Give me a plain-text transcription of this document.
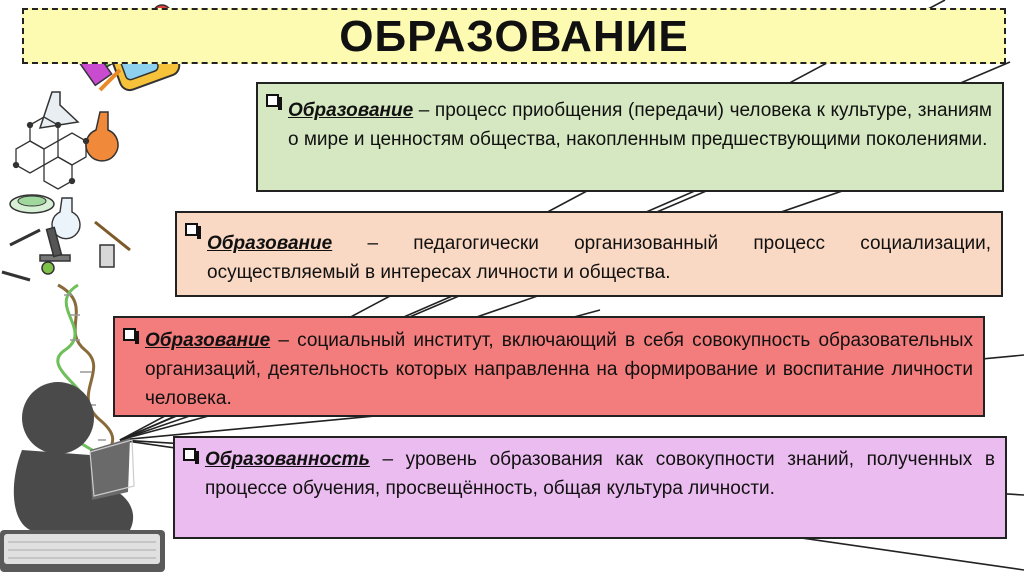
ОБРАЗОВАНИЕ
Образование – процесс приобщения (передачи) человека к культуре, знаниям о мире и ценностям общества, накопленным предшествующими поколениями.
Образование – педагогически организованный процесс социализации, осуществляемый в интересах личности и общества.
Образование – социальный институт, включающий в себя совокупность образовательных организаций, деятельность которых направленна на формирование и воспитание личности человека.
Образованность – уровень образования как совокупности знаний, полученных в процессе обучения, просвещённость, общая культура личности.
